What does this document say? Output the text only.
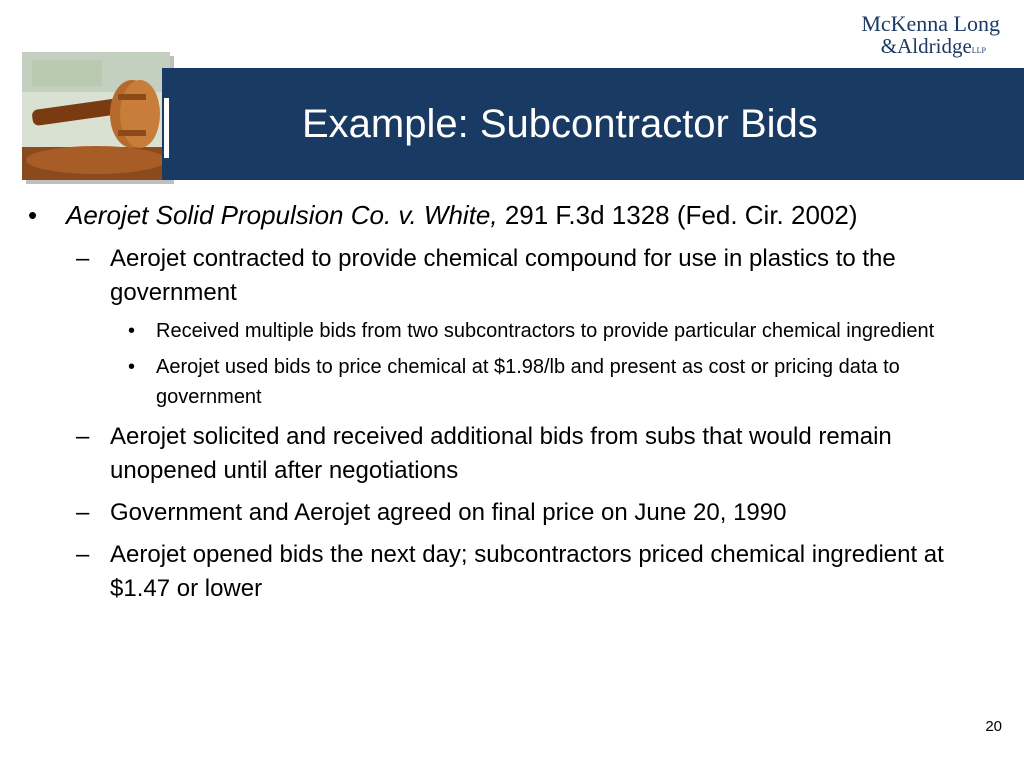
McKenna Long
&AldridgeLLP
Example: Subcontractor Bids
•	Aerojet Solid Propulsion Co. v. White, 291 F.3d 1328 (Fed. Cir. 2002)
– Aerojet contracted to provide chemical compound for use in plastics to the government
•	Received multiple bids from two subcontractors to provide particular chemical ingredient
•	Aerojet used bids to price chemical at $1.98/lb and present as cost or pricing data to government
– Aerojet solicited and received additional bids from subs that would remain unopened until after negotiations
– Government and Aerojet agreed on final price on June 20, 1990
– Aerojet opened bids the next day; subcontractors priced chemical ingredient at $1.47 or lower
20
